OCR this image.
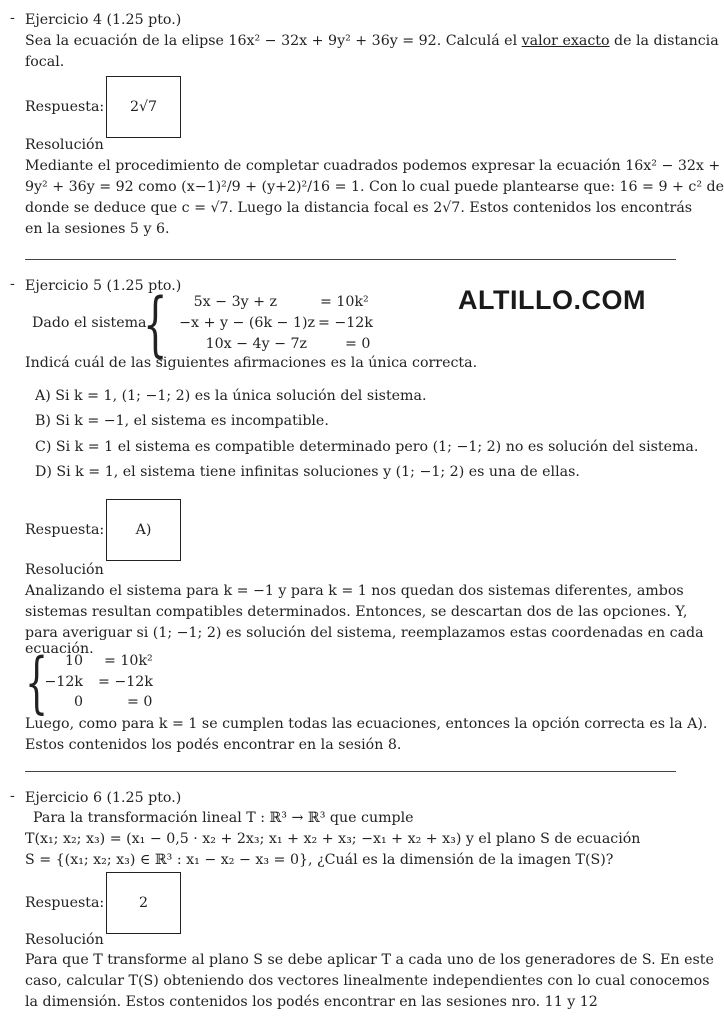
- Ejercicio 4 (1.25 pto.)
Sea la ecuación de la elipse 16x² − 32x + 9y² + 36y = 92. Calculá el valor exacto de la distancia
focal.
Respuesta:	2√7
Resolución
Mediante el procedimiento de completar cuadrados podemos expresar la ecuación 16x² − 32x +
9y² + 36y = 92 como (x−1)²/9 + (y+2)²/16 = 1. Con lo cual puede plantearse que: 16 = 9 + c² de
donde se deduce que c = √7. Luego la distancia focal es 2√7. Estos contenidos los encontrás
en la sesiones 5 y 6.
- Ejercicio 5 (1.25 pto.)
Dado el sistema
{ 5x − 3y + z	= 10k²
−x + y − (6k − 1)z = −12k
10x − 4y − 7z	= 0
ALTILLO.COM
Indicá cuál de las siguientes afirmaciones es la única correcta.
A) Si k = 1, (1; −1; 2) es la única solución del sistema.
B) Si k = −1, el sistema es incompatible.
C) Si k = 1 el sistema es compatible determinado pero (1; −1; 2) no es solución del sistema.
D) Si k = 1, el sistema tiene infinitas soluciones y (1; −1; 2) es una de ellas.
Respuesta:	A)
Resolución
Analizando el sistema para k = −1 y para k = 1 nos quedan dos sistemas diferentes, ambos
sistemas resultan compatibles determinados. Entonces, se descartan dos de las opciones. Y,
para averiguar si (1; −1; 2) es solución del sistema, reemplazamos estas coordenadas en cada
ecuación.
{ 10 = 10k²
−12k = −12k
0	= 0
Luego, como para k = 1 se cumplen todas las ecuaciones, entonces la opción correcta es la A).
Estos contenidos los podés encontrar en la sesión 8.
- Ejercicio 6 (1.25 pto.)
Para la transformación lineal T : ℝ³ → ℝ³ que cumple
T(x₁; x₂; x₃) = (x₁ − 0,5 · x₂ + 2x₃; x₁ + x₂ + x₃; −x₁ + x₂ + x₃) y el plano S de ecuación
S = {(x₁; x₂; x₃) ∈ ℝ³ : x₁ − x₂ − x₃ = 0}, ¿Cuál es la dimensión de la imagen T(S)?
Respuesta:	2
Resolución
Para que T transforme al plano S se debe aplicar T a cada uno de los generadores de S. En este
caso, calcular T(S) obteniendo dos vectores linealmente independientes con lo cual conocemos
la dimensión. Estos contenidos los podés encontrar en las sesiones nro. 11 y 12
